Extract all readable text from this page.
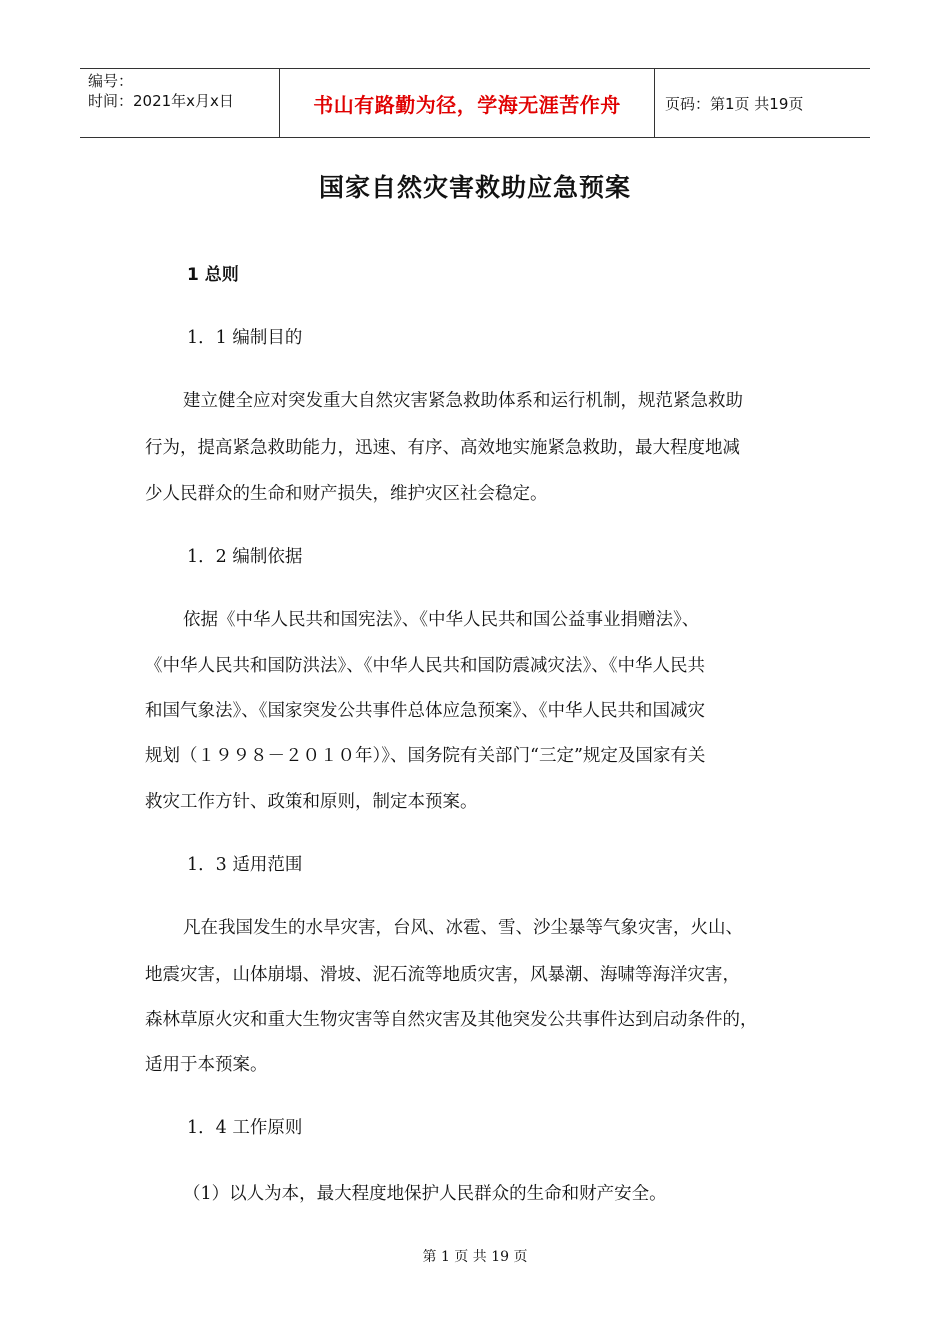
编号：
时间：2021年x月x日	书山有路勤为径，学海无涯苦作舟	页码：第1页 共19页
国家自然灾害救助应急预案
1 总则
1．1 编制目的
建立健全应对突发重大自然灾害紧急救助体系和运行机制，规范紧急救助
行为，提高紧急救助能力，迅速、有序、高效地实施紧急救助，最大程度地减
少人民群众的生命和财产损失，维护灾区社会稳定。
1．2 编制依据
依据《中华人民共和国宪法》、《中华人民共和国公益事业捐赠法》、
《中华人民共和国防洪法》、《中华人民共和国防震减灾法》、《中华人民共
和国气象法》、《国家突发公共事件总体应急预案》、《中华人民共和国减灾
规划（１９９８－２０１０年）》、国务院有关部门“三定”规定及国家有关
救灾工作方针、政策和原则，制定本预案。
1．3 适用范围
凡在我国发生的水旱灾害，台风、冰雹、雪、沙尘暴等气象灾害，火山、
地震灾害，山体崩塌、滑坡、泥石流等地质灾害，风暴潮、海啸等海洋灾害，
森林草原火灾和重大生物灾害等自然灾害及其他突发公共事件达到启动条件的，
适用于本预案。
1．4 工作原则
（1）以人为本，最大程度地保护人民群众的生命和财产安全。
第 1 页 共 19 页
